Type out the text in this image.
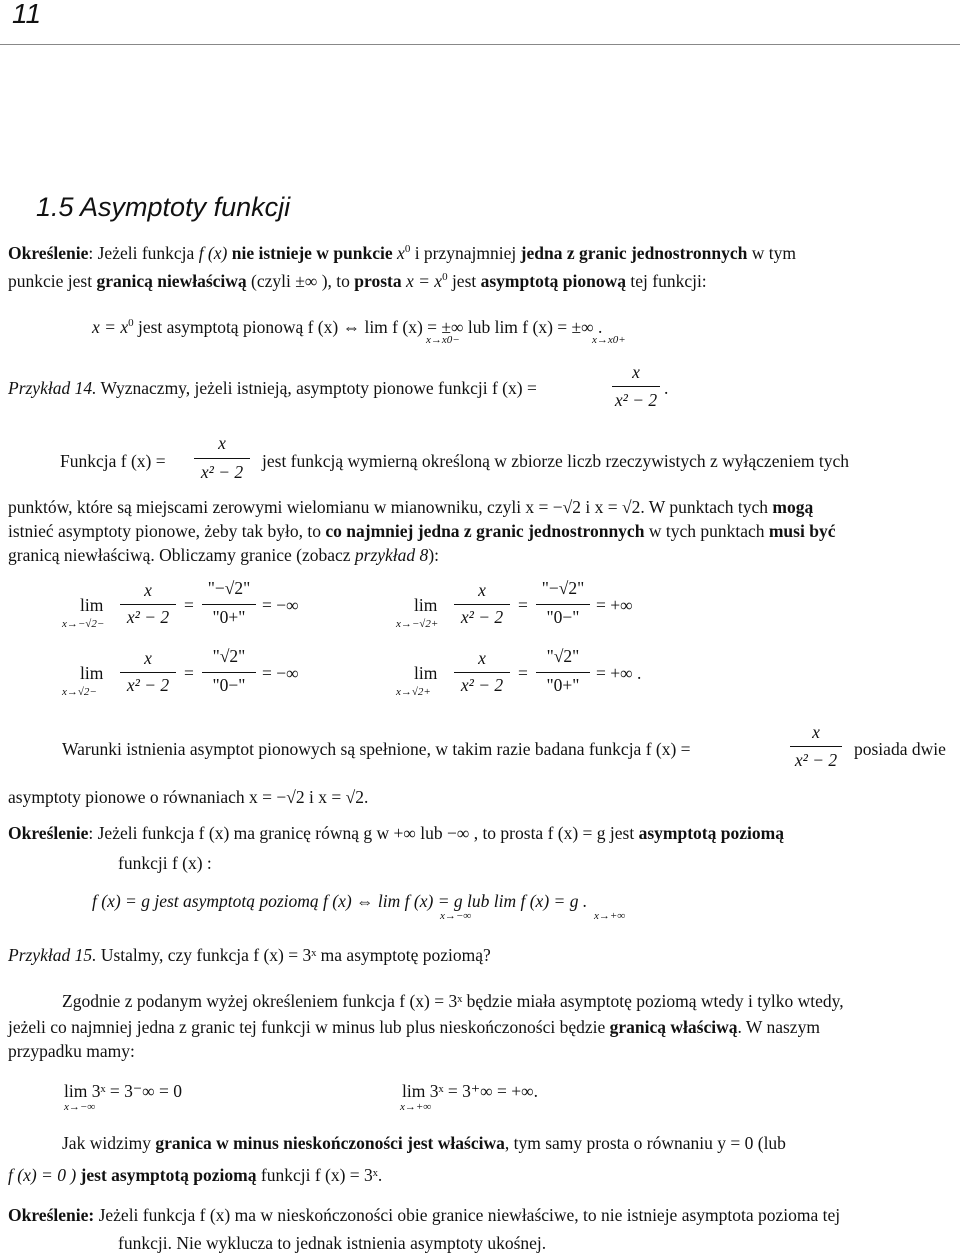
11
1.5 Asymptoty funkcji
Określenie: Jeżeli funkcja f (x) nie istnieje w punkcie $x^0$ i przynajmniej jedna z granic jednostronnych w tym
punkcie jest granicą niewłaściwą (czyli ±∞ ), to prosta $x = x^0$ jest asymptotą pionową tej funkcji:
$x = x^0$ jest asymptotą pionową f (x) ⇔ lim f (x) = ±∞ lub lim f (x) = ±∞ .
x→x0−	x→x0+
Przykład 14. Wyznaczmy, jeżeli istnieją, asymptoty pionowe funkcji f (x) =
x
x² − 2
.
Funkcja f (x) =
x
x² − 2
jest funkcją wymierną określoną w zbiorze liczb rzeczywistych z wyłączeniem tych
punktów, które są miejscami zerowymi wielomianu w mianowniku, czyli x = −√2 i x = √2. W punktach tych mogą
istnieć asymptoty pionowe, żeby tak było, to co najmniej jedna z granic jednostronnych w tych punktach musi być
granicą niewłaściwą. Obliczamy granice (zobacz przykład 8):
lim
x→−√2−
x
x² − 2
=
"−√2"
"0+"
= −∞	lim
x→−√2+
x
x² − 2
=
"−√2"
"0−"
= +∞
lim
x→√2−
x
x² − 2
=
"√2"
"0−"
= −∞	lim
x→√2+
x
x² − 2
=
"√2"
"0+"
= +∞ .
Warunki istnienia asymptot pionowych są spełnione, w takim razie badana funkcja f (x) =
x
x² − 2
posiada dwie
asymptoty pionowe o równaniach x = −√2 i x = √2.
Określenie: Jeżeli funkcja f (x) ma granicę równą g w +∞ lub −∞ , to prosta f (x) = g jest asymptotą poziomą
funkcji f (x) :
f (x) = g jest asymptotą poziomą f (x) ⇔ lim f (x) = g lub lim f (x) = g .
x→−∞	x→+∞
Przykład 15. Ustalmy, czy funkcja f (x) = 3ˣ ma asymptotę poziomą?
Zgodnie z podanym wyżej określeniem funkcja f (x) = 3ˣ będzie miała asymptotę poziomą wtedy i tylko wtedy,
jeżeli co najmniej jedna z granic tej funkcji w minus lub plus nieskończoności będzie granicą właściwą. W naszym
przypadku mamy:
lim 3ˣ = 3⁻∞ = 0
x→−∞
lim 3ˣ = 3⁺∞ = +∞.
x→+∞
Jak widzimy granica w minus nieskończoności jest właściwa, tym samy prosta o równaniu y = 0 (lub
f (x) = 0 ) jest asymptotą poziomą funkcji f (x) = 3ˣ.
Określenie: Jeżeli funkcja f (x) ma w nieskończoności obie granice niewłaściwe, to nie istnieje asymptota pozioma tej
funkcji. Nie wyklucza to jednak istnienia asymptoty ukośnej.
